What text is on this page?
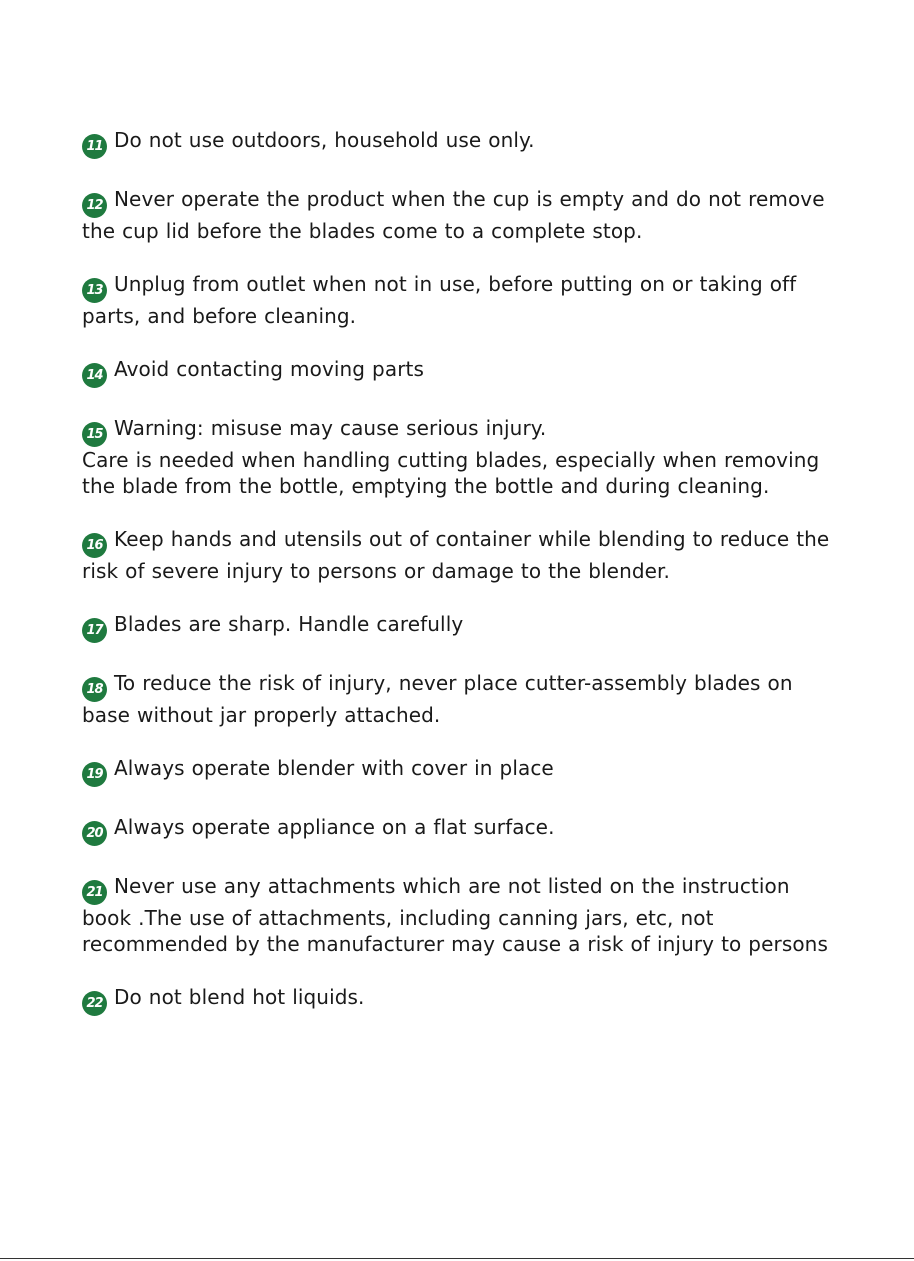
11 Do not use outdoors, household use only.
12 Never operate the product when the cup is empty and do not remove the cup lid before the blades come to a complete stop.
13 Unplug from outlet when not in use, before putting on or taking off parts, and before cleaning.
14 Avoid contacting moving parts
15 Warning: misuse may cause serious injury.
Care is needed when handling cutting blades, especially when removing the blade from the bottle, emptying the bottle and during cleaning.
16 Keep hands and utensils out of container while blending to reduce the risk of severe injury to persons or damage to the blender.
17 Blades are sharp. Handle carefully
18 To reduce the risk of injury, never place cutter-assembly blades on base without jar properly attached.
19 Always operate blender with cover in place
20 Always operate appliance on a flat surface.
21 Never use any attachments which are not listed on the instruction book .The use of attachments, including canning jars, etc, not recommended by the manufacturer may cause a risk of injury to persons
22 Do not blend hot liquids.
